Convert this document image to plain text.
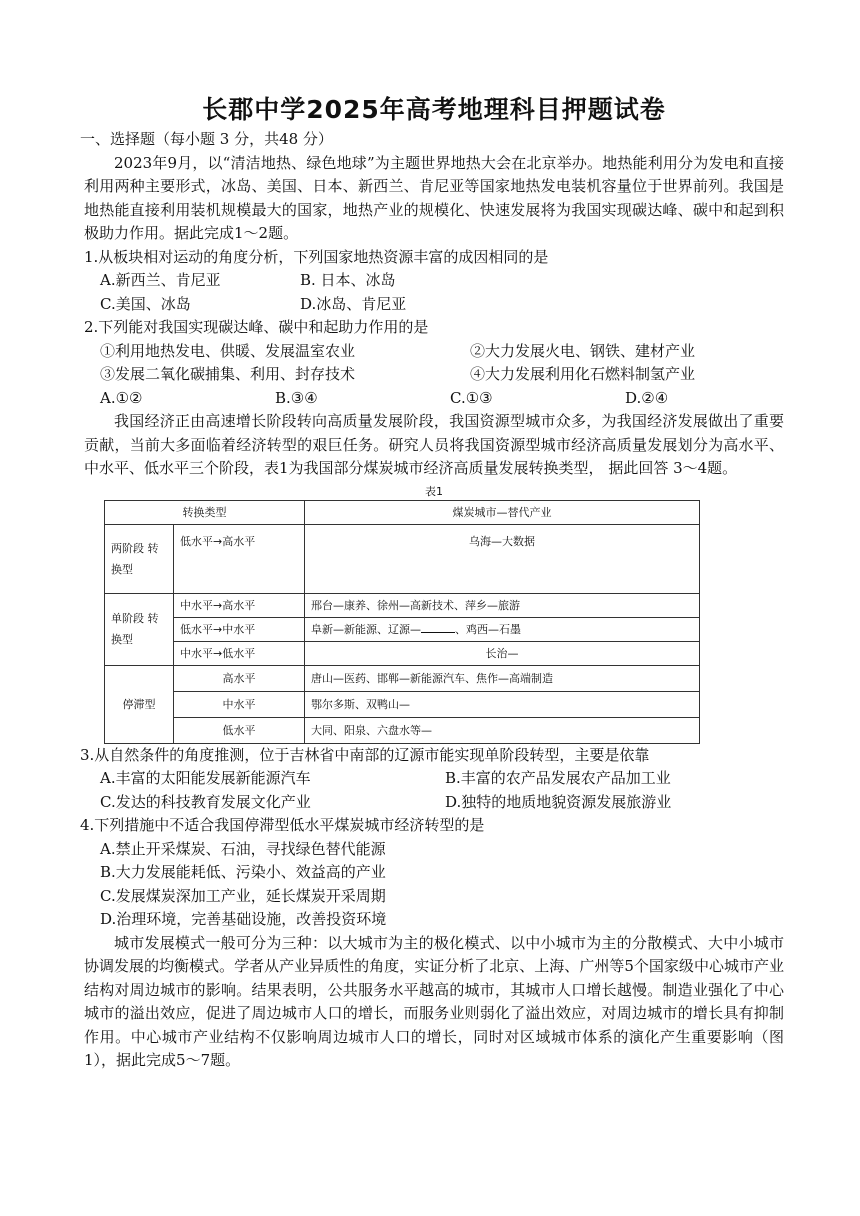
长郡中学2025年高考地理科目押题试卷

一、选择题（每小题 3 分，共48 分）

2023年9月，以“清洁地热、绿色地球”为主题世界地热大会在北京举办。地热能利用分为发电和直接利用两种主要形式，冰岛、美国、日本、新西兰、肯尼亚等国家地热发电装机容量位于世界前列。我国是地热能直接利用装机规模最大的国家，地热产业的规模化、快速发展将为我国实现碳达峰、碳中和起到积极助力作用。据此完成1～2题。

1.从板块相对运动的角度分析，下列国家地热资源丰富的成因相同的是

A.新西兰、肯尼亚	B. 日本、冰岛
C.美国、冰岛	D.冰岛、肯尼亚

2.下列能对我国实现碳达峰、碳中和起助力作用的是

①利用地热发电、供暖、发展温室农业	②大力发展火电、钢铁、建材产业
③发展二氧化碳捕集、利用、封存技术	④大力发展利用化石燃料制氢产业
A.①②	B.③④	C.①③	D.②④

我国经济正由高速增长阶段转向高质量发展阶段，我国资源型城市众多，为我国经济发展做出了重要贡献，当前大多面临着经济转型的艰巨任务。研究人员将我国资源型城市经济高质量发展划分为高水平、中水平、低水平三个阶段，表1为我国部分煤炭城市经济高质量发展转换类型， 据此回答 3～4题。

表1
转换类型		煤炭城市—替代产业
两阶段 转换型	低水平→高水平	乌海—大数据
单阶段 转换型	中水平→高水平	邢台—康养、徐州—高新技术、萍乡—旅游
	低水平→中水平	阜新—新能源、辽源— 、鸡西—石墨
	中水平→低水平	长治—
停滞型	高水平	唐山—医药、邯郸—新能源汽车、焦作—高端制造
	中水平	鄂尔多斯、双鸭山—
	低水平	大同、阳泉、六盘水等—

3.从自然条件的角度推测，位于吉林省中南部的辽源市能实现单阶段转型，主要是依靠

A.丰富的太阳能发展新能源汽车	B.丰富的农产品发展农产品加工业
C.发达的科技教育发展文化产业	D.独特的地质地貌资源发展旅游业

4.下列措施中不适合我国停滞型低水平煤炭城市经济转型的是

A.禁止开采煤炭、石油，寻找绿色替代能源

B.大力发展能耗低、污染小、效益高的产业

C.发展煤炭深加工产业，延长煤炭开采周期

D.治理环境，完善基础设施，改善投资环境

城市发展模式一般可分为三种：以大城市为主的极化模式、以中小城市为主的分散模式、大中小城市协调发展的均衡模式。学者从产业异质性的角度，实证分析了北京、上海、广州等5个国家级中心城市产业结构对周边城市的影响。结果表明，公共服务水平越高的城市，其城市人口增长越慢。制造业强化了中心城市的溢出效应，促进了周边城市人口的增长，而服务业则弱化了溢出效应，对周边城市的增长具有抑制作用。中心城市产业结构不仅影响周边城市人口的增长，同时对区域城市体系的演化产生重要影响（图1），据此完成5～7题。
